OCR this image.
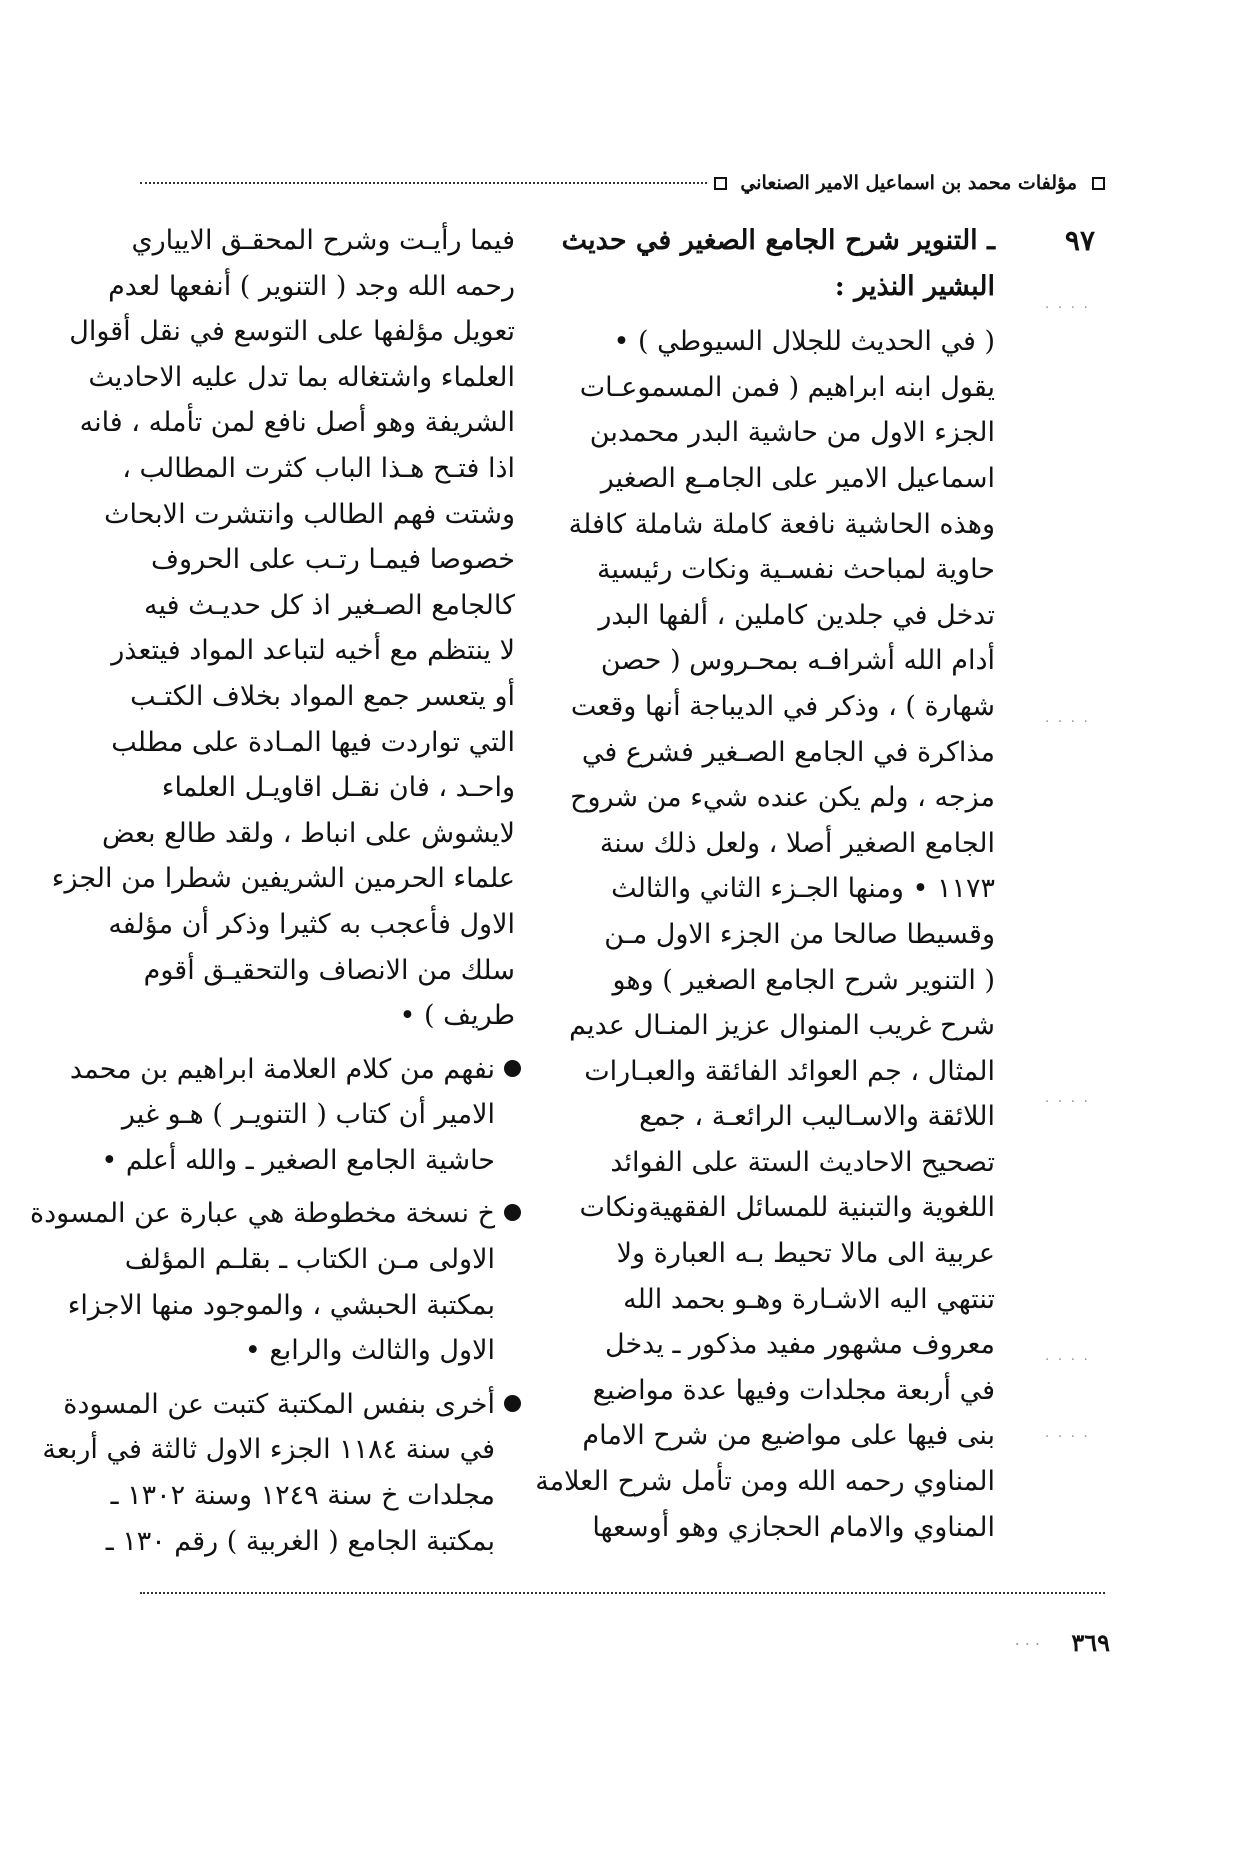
مؤلفات محمد بن اسماعيل الامير الصنعاني
٩٧
ـ التنوير شرح الجامع الصغير في حديث
البشير النذير :
( في الحديث للجلال السيوطي ) •
يقول ابنه ابراهيم ( فمن المسموعـات
الجزء الاول من حاشية البدر محمدبن
اسماعيل الامير على الجامـع الصغير
وهذه الحاشية نافعة كاملة شاملة كافلة
حاوية لمباحث نفسـية ونكات رئيسية
تدخل في جلدين كاملين ، ألفها البدر
أدام الله أشرافـه بمحـروس ( حصن
شهارة ) ، وذكر في الديباجة أنها وقعت
مذاكرة في الجامع الصـغير فشرع في
مزجه ، ولم يكن عنده شيء من شروح
الجامع الصغير أصلا ، ولعل ذلك سنة
١١٧٣ • ومنها الجـزء الثاني والثالث
وقسيطا صالحا من الجزء الاول مـن
( التنوير شرح الجامع الصغير ) وهو
شرح غريب المنوال عزيز المنـال عديم
المثال ، جم العوائد الفائقة والعبـارات
اللائقة والاسـاليب الرائعـة ، جمع
تصحيح الاحاديث الستة على الفوائد
اللغوية والتبنية للمسائل الفقهيةونكات
عربية الى مالا تحيط بـه العبارة ولا
تنتهي اليه الاشـارة وهـو بحمد الله
معروف مشهور مفيد مذكور ـ يدخل
في أربعة مجلدات وفيها عدة مواضيع
بنى فيها على مواضيع من شرح الامام
المناوي رحمه الله ومن تأمل شرح العلامة
المناوي والامام الحجازي وهو أوسعها
فيما رأيـت وشرح المحقـق الايياري
رحمه الله وجد ( التنوير ) أنفعها لعدم
تعويل مؤلفها على التوسع في نقل أقوال
العلماء واشتغاله بما تدل عليه الاحاديث
الشريفة وهو أصل نافع لمن تأمله ، فانه
اذا فتـح هـذا الباب كثرت المطالب ،
وشتت فهم الطالب وانتشرت الابحاث
خصوصا فيمـا رتـب على الحروف
كالجامع الصـغير اذ كل حديـث فيه
لا ينتظم مع أخيه لتباعد المواد فيتعذر
أو يتعسر جمع المواد بخلاف الكتـب
التي تواردت فيها المـادة على مطلب
واحـد ، فان نقـل اقاويـل العلماء
لايشوش على انباط ، ولقد طالع بعض
علماء الحرمين الشريفين شطرا من الجزء
الاول فأعجب به كثيرا وذكر أن مؤلفه
سلك من الانصاف والتحقيـق أقوم
طريف ) •
نفهم من كلام العلامة ابراهيم بن محمد
الامير أن كتاب ( التنويـر ) هـو غير
حاشية الجامع الصغير ـ والله أعلم •
خ نسخة مخطوطة هي عبارة عن المسودة
الاولى مـن الكتاب ـ بقلـم المؤلف
بمكتبة الحبشي ، والموجود منها الاجزاء
الاول والثالث والرابع •
أخرى بنفس المكتبة كتبت عن المسودة
في سنة ١١٨٤ الجزء الاول ثالثة في أربعة
مجلدات خ سنة ١٢٤٩ وسنة ١٣٠٢ ـ
بمكتبة الجامع ( الغربية ) رقم ١٣٠ ـ
. . . .
. . . .
. . . .
. . . .
. . . .
. . . ٣٦٩
